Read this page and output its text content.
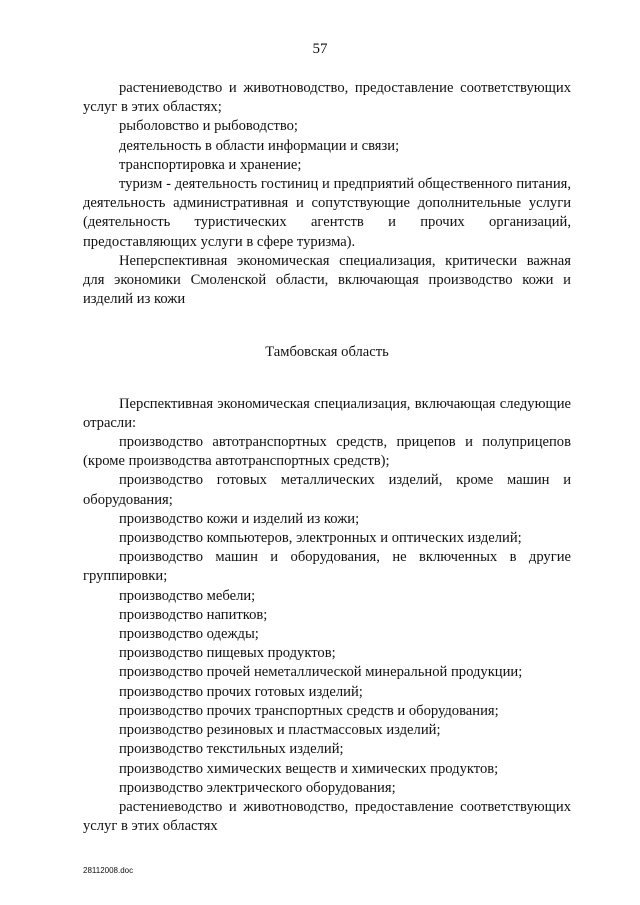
57

растениеводство и животноводство, предоставление соответствующих услуг в этих областях;

рыболовство и рыбоводство;

деятельность в области информации и связи;

транспортировка и хранение;

туризм - деятельность гостиниц и предприятий общественного питания, деятельность административная и сопутствующие дополнительные услуги (деятельность туристических агентств и прочих организаций, предоставляющих услуги в сфере туризма).

Неперспективная экономическая специализация, критически важная для экономики Смоленской области, включающая производство кожи и изделий из кожи

Тамбовская область

Перспективная экономическая специализация, включающая следующие отрасли:

производство автотранспортных средств, прицепов и полуприцепов (кроме производства автотранспортных средств);

производство готовых металлических изделий, кроме машин и оборудования;

производство кожи и изделий из кожи;

производство компьютеров, электронных и оптических изделий;

производство машин и оборудования, не включенных в другие группировки;

производство мебели;

производство напитков;

производство одежды;

производство пищевых продуктов;

производство прочей неметаллической минеральной продукции;

производство прочих готовых изделий;

производство прочих транспортных средств и оборудования;

производство резиновых и пластмассовых изделий;

производство текстильных изделий;

производство химических веществ и химических продуктов;

производство электрического оборудования;

растениеводство и животноводство, предоставление соответствующих услуг в этих областях

28112008.doc
